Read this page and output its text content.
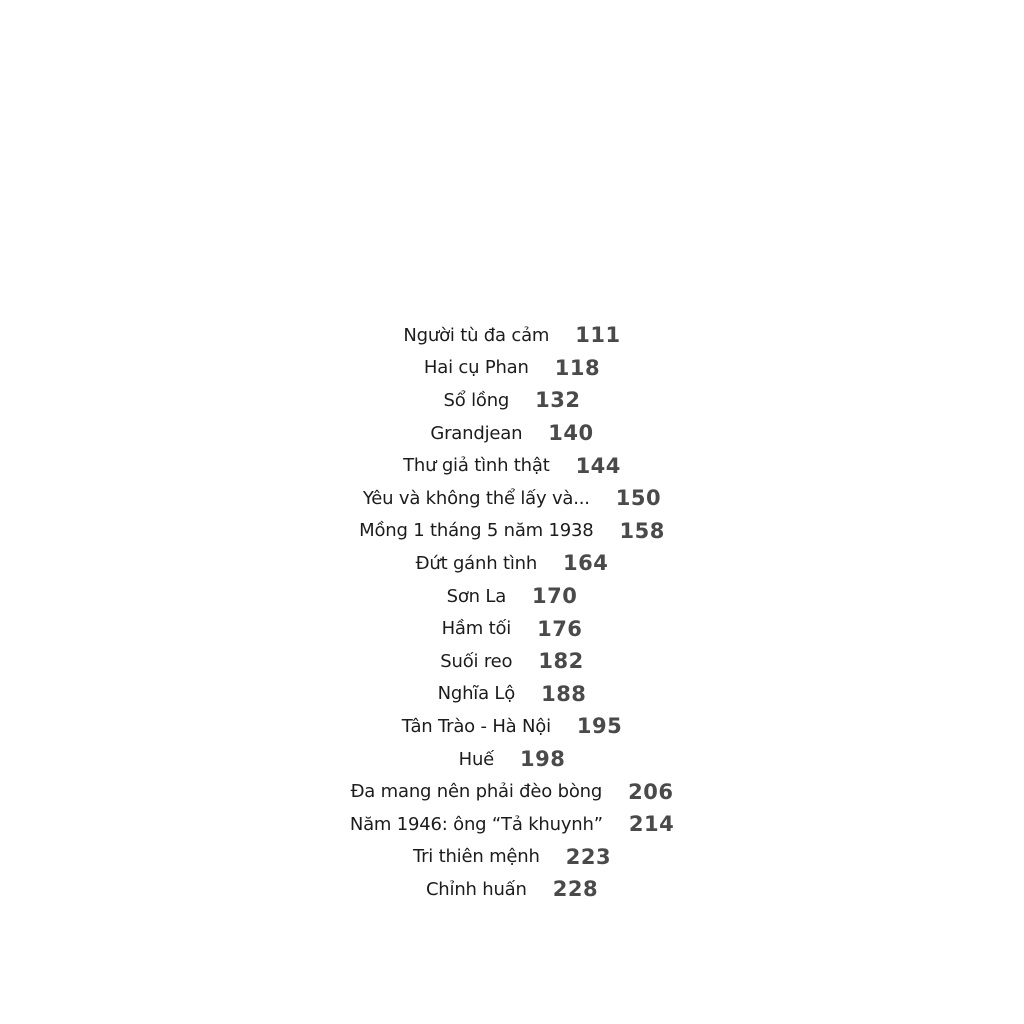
Người tù đa cảm 111
Hai cụ Phan 118
Sổ lồng 132
Grandjean 140
Thư giả tình thật 144
Yêu và không thể lấy và... 150
Mồng 1 tháng 5 năm 1938 158
Đứt gánh tình 164
Sơn La 170
Hầm tối 176
Suối reo 182
Nghĩa Lộ 188
Tân Trào - Hà Nội 195
Huế 198
Đa mang nên phải đèo bòng 206
Năm 1946: ông “Tả khuynh” 214
Tri thiên mệnh 223
Chỉnh huấn 228
